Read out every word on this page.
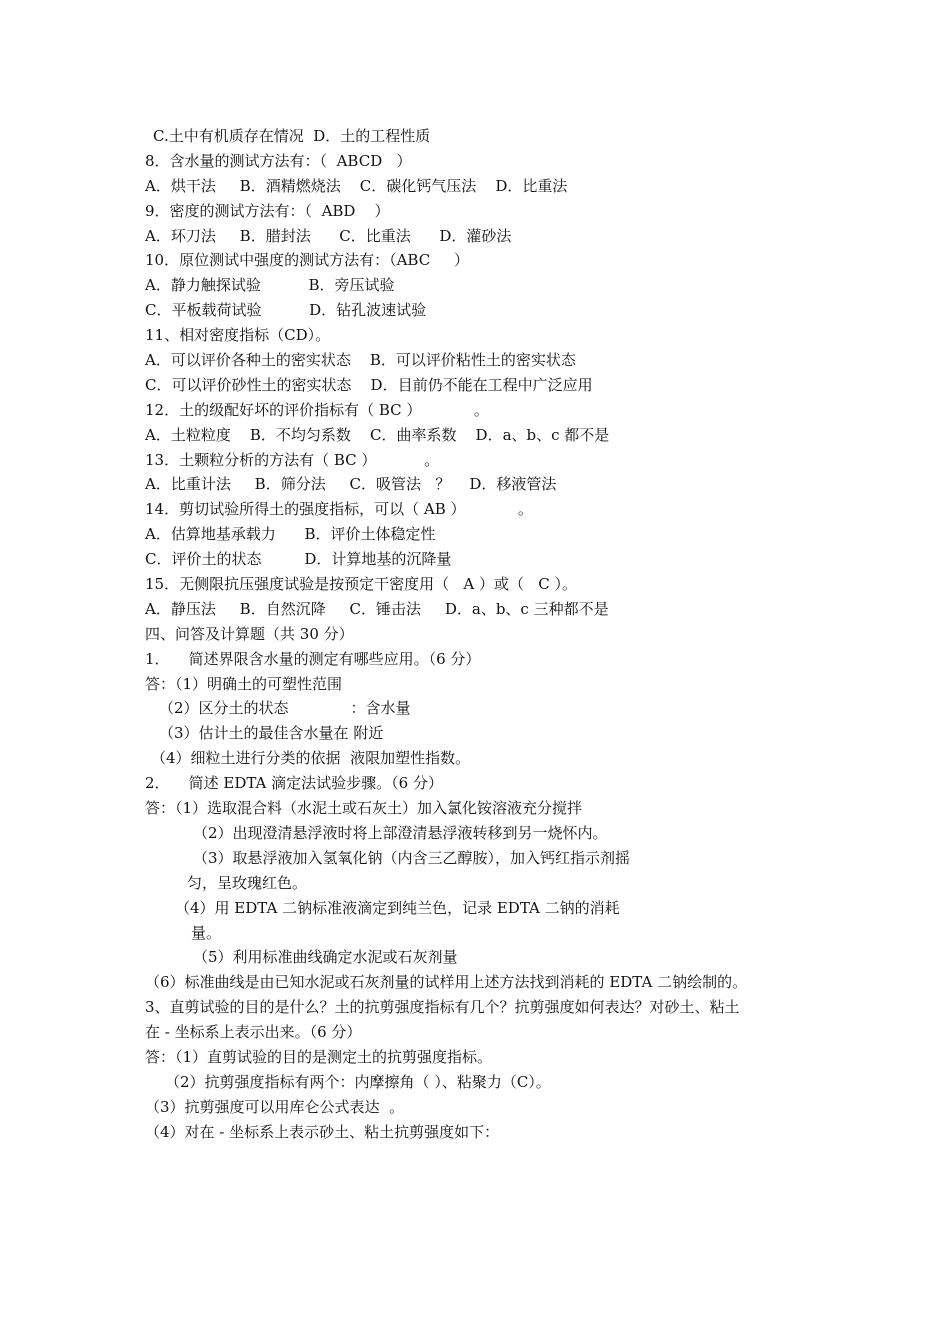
C.土中有机质存在情况  D．土的工程性质
8．含水量的测试方法有：（  ABCD   ）
A．烘干法     B．酒精燃烧法    C．碳化钙气压法    D．比重法
9．密度的测试方法有：（  ABD    ）
A．环刀法     B．腊封法      C．比重法      D．灌砂法
10．原位测试中强度的测试方法有：（ABC     ）
A．静力触探试验          B．旁压试验
C．平板载荷试验          D．钻孔波速试验
11、相对密度指标（CD）。
A．可以评价各种土的密实状态    B．可以评价粘性土的密实状态
C．可以评价砂性土的密实状态    D．目前仍不能在工程中广泛应用
12．土的级配好坏的评价指标有（ BC ）           。
A．土粒粒度    B．不均匀系数    C．曲率系数    D．a、b、c 都不是
13．土颗粒分析的方法有（ BC ）          。
A．比重计法     B．筛分法     C．吸管法   ？    D．移液管法
14．剪切试验所得土的强度指标，可以（ AB ）           。
A．估算地基承载力      B．评价土体稳定性
C．评价土的状态         D．计算地基的沉降量
15．无侧限抗压强度试验是按预定干密度用（   A ）或（   C ）。
A．静压法     B．自然沉降     C．锤击法     D．a、b、c 三种都不是
四、问答及计算题（共 30 分）
1．    简述界限含水量的测定有哪些应用。（6 分）
答：（1）明确土的可塑性范围
（2）区分土的状态             ：含水量
（3）估计土的最佳含水量在 附近
（4）细粒土进行分类的依据  液限加塑性指数。
2．    简述 EDTA 滴定法试验步骤。（6 分）
答：（1）选取混合料（水泥土或石灰土）加入氯化铵溶液充分搅拌
（2）出现澄清悬浮液时将上部澄清悬浮液转移到另一烧怀内。
（3）取悬浮液加入氢氧化钠（内含三乙醇胺），加入钙红指示剂摇
匀，呈玫瑰红色。
（4）用 EDTA 二钠标准液滴定到纯兰色，记录 EDTA 二钠的消耗
量。
（5）利用标准曲线确定水泥或石灰剂量
（6）标准曲线是由已知水泥或石灰剂量的试样用上述方法找到消耗的 EDTA 二钠绘制的。
3、直剪试验的目的是什么？土的抗剪强度指标有几个？抗剪强度如何表达？对砂土、粘土
在 - 坐标系上表示出来。（6 分）
答：（1）直剪试验的目的是测定土的抗剪强度指标。
（2）抗剪强度指标有两个：内摩擦角（ ）、粘聚力（C）。
（3）抗剪强度可以用库仑公式表达  。
（4）对在 - 坐标系上表示砂土、粘土抗剪强度如下：
